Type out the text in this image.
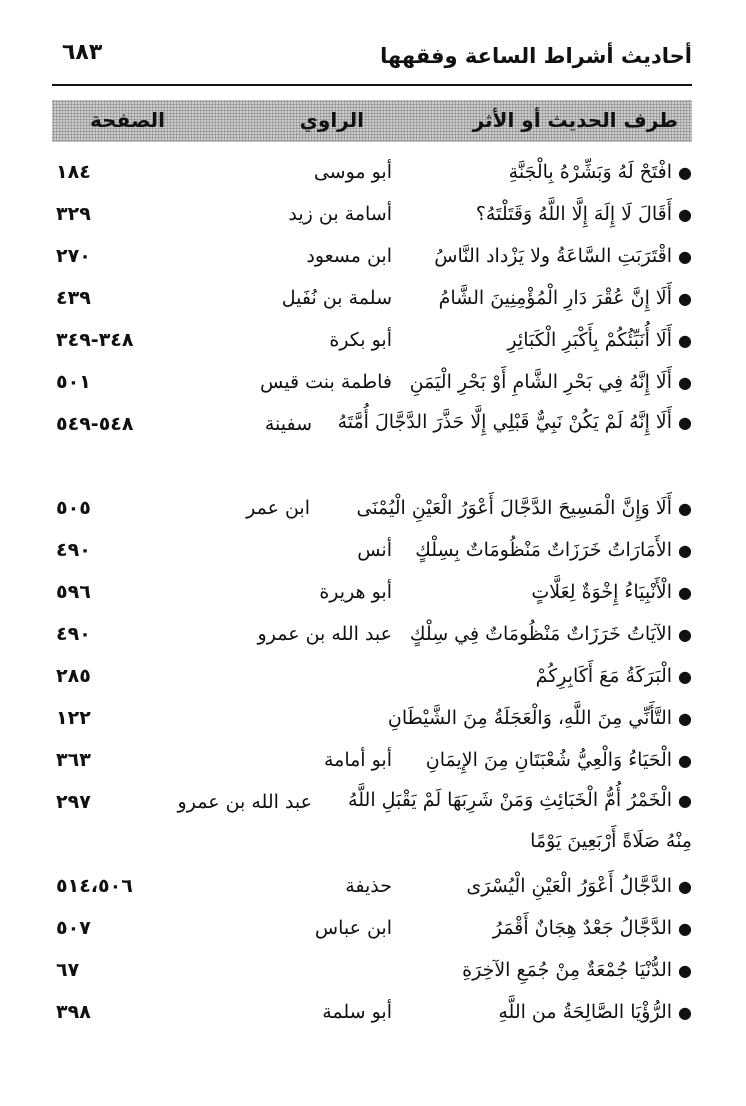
أحاديث أشراط الساعة وفقهها
٦٨٣
طرف الحديث أو الأثر
الراوي
الصفحة
●افْتَحْ لَهُ وَبَشِّرْهُ بِالْجَنَّةِ
أبو موسى
١٨٤
●أَقَالَ لَا إِلَهَ إِلَّا اللَّهُ وَقَتَلْتَهُ؟
أسامة بن زيد
٣٢٩
●اقْتَرَبَتِ السَّاعَةُ ولا يَزْداد النَّاسُ
ابن مسعود
٢٧٠
●أَلَا إِنَّ عُقْرَ دَارِ الْمُؤْمِنِينَ الشَّامُ
سلمة بن نُفَيل
٤٣٩
●أَلَا أُنَبِّئُكُمْ بِأَكْبَرِ الْكَبَائِرِ
أبو بكرة
٣٤٨-٣٤٩
●أَلَا إِنَّهُ فِي بَحْرِ الشَّامِ أَوْ بَحْرِ الْيَمَنِ
فاطمة بنت قيس
٥٠١
●أَلَا إِنَّهُ لَمْ يَكُنْ نَبِيٌّ قَبْلِي إِلَّا حَذَّرَ الدَّجَّالَ أُمَّتَهُ
سفينة
٥٤٨-٥٤٩
●أَلَا وَإِنَّ الْمَسِيحَ الدَّجَّالَ أَعْوَرُ الْعَيْنِ الْيُمْنَى
ابن عمر
٥٠٥
●الأَمَارَاتُ خَرَزَاتٌ مَنْظُومَاتٌ بِسِلْكٍ
أنس
٤٩٠
●الْأَنْبِيَاءُ إِخْوَةٌ لِعَلَّاتٍ
أبو هريرة
٥٩٦
●الآيَاتُ خَرَزَاتٌ مَنْظُومَاتٌ فِي سِلْكٍ
عبد الله بن عمرو
٤٩٠
●الْبَرَكَةُ مَعَ أَكَابِرِكُمْ
٢٨٥
●التَّأَنِّي مِنَ اللَّهِ، وَالْعَجَلَةُ مِنَ الشَّيْطَانِ
١٢٢
●الْحَيَاءُ وَالْعِيُّ شُعْبَتَانِ مِنَ الإِيمَانِ
أبو أمامة
٣٦٣
●الْخَمْرُ أُمُّ الْخَبَائِثِ وَمَنْ شَرِبَهَا لَمْ يَقْبَلِ اللَّهُ مِنْهُ صَلَاةً أَرْبَعِينَ يَوْمًا
عبد الله بن عمرو
٢٩٧
●الدَّجَّالُ أَعْوَرُ الْعَيْنِ الْيُسْرَى
حذيفة
٥١٤،٥٠٦
●الدَّجَّالُ جَعْدٌ هِجَانٌ أَقْمَرُ
ابن عباس
٥٠٧
●الدُّنْيَا جُمْعَةٌ مِنْ جُمَعِ الآخِرَةِ
٦٧
●الرُّؤْيَا الصَّالِحَةُ من اللَّهِ
أبو سلمة
٣٩٨
